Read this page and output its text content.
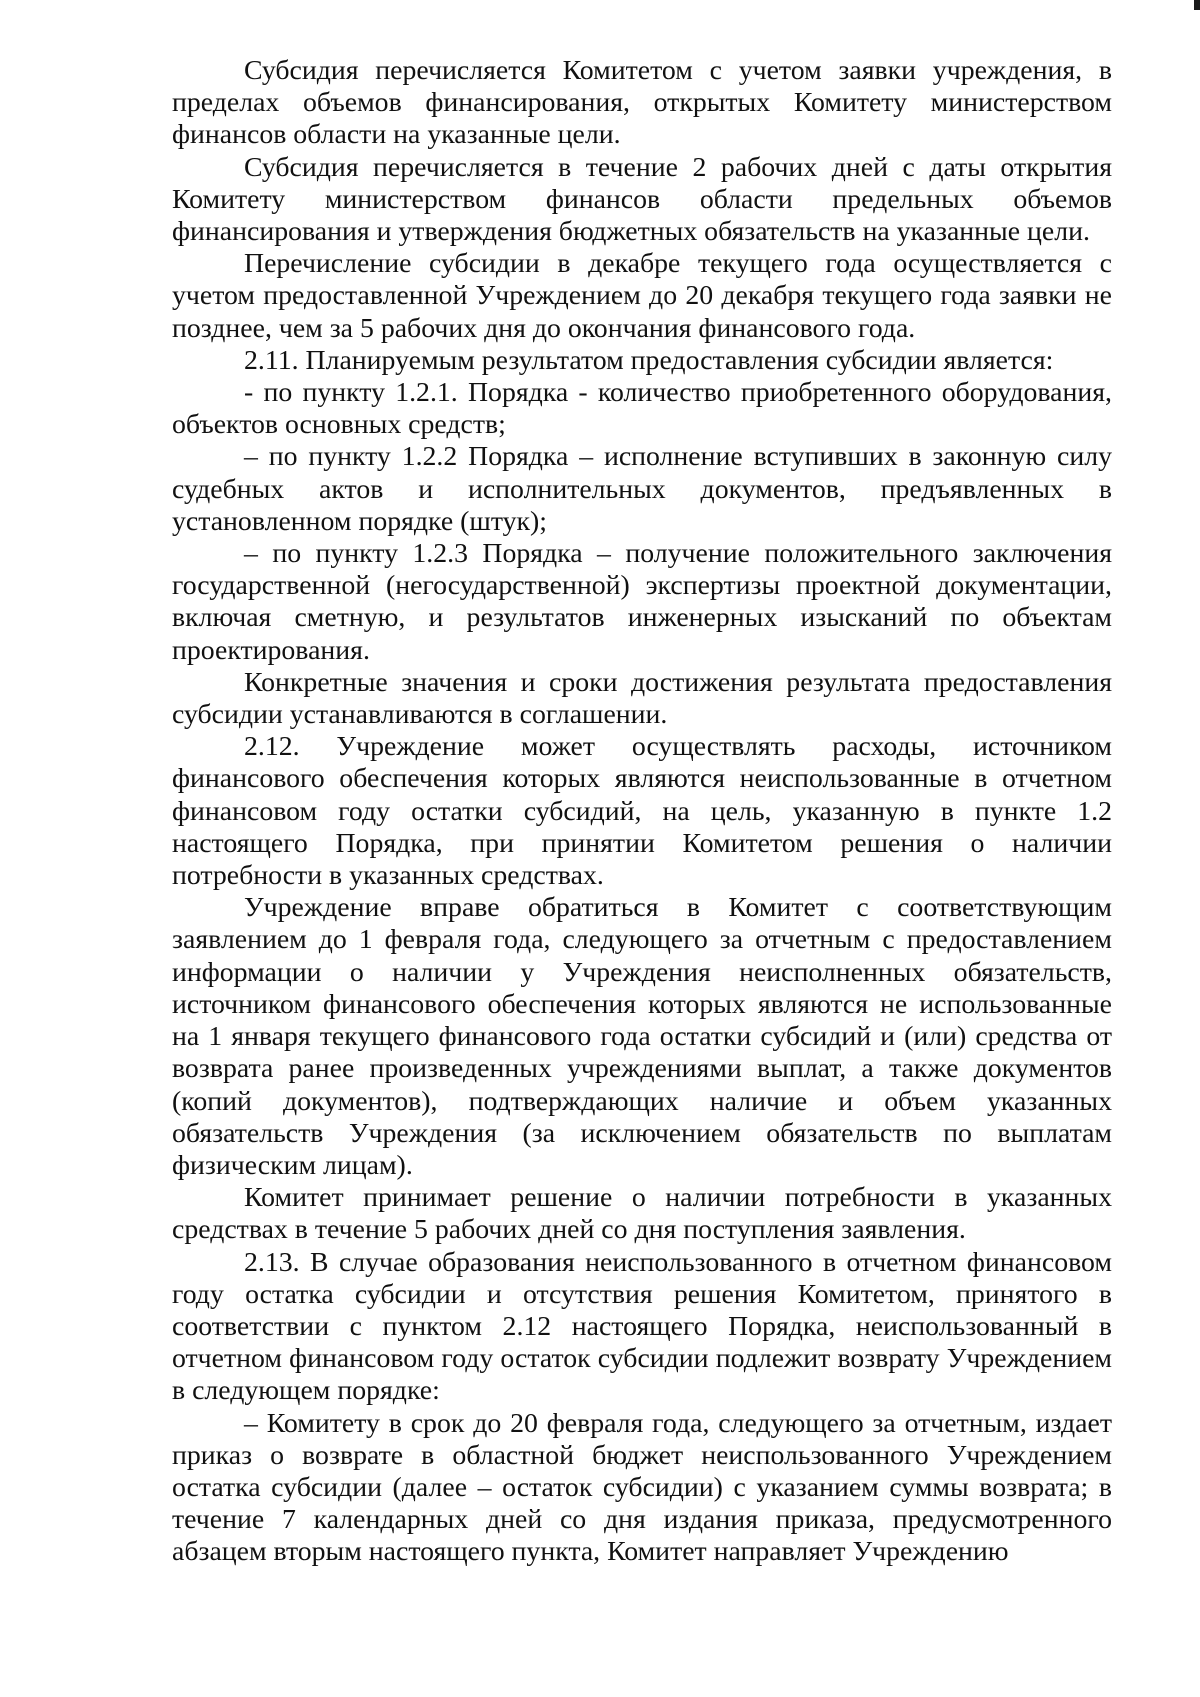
Субсидия перечисляется Комитетом с учетом заявки учреждения, в пределах объемов финансирования, открытых Комитету министерством финансов области на указанные цели.

Субсидия перечисляется в течение 2 рабочих дней с даты открытия Комитету министерством финансов области предельных объемов финансирования и утверждения бюджетных обязательств на указанные цели.

Перечисление субсидии в декабре текущего года осуществляется с учетом предоставленной Учреждением до 20 декабря текущего года заявки не позднее, чем за 5 рабочих дня до окончания финансового года.

2.11. Планируемым результатом предоставления субсидии является:

- по пункту 1.2.1. Порядка - количество приобретенного оборудования, объектов основных средств;

– по пункту 1.2.2 Порядка – исполнение вступивших в законную силу судебных актов и исполнительных документов, предъявленных в установленном порядке (штук);

– по пункту 1.2.3 Порядка – получение положительного заключения государственной (негосударственной) экспертизы проектной документации, включая сметную, и результатов инженерных изысканий по объектам проектирования.

Конкретные значения и сроки достижения результата предоставления субсидии устанавливаются в соглашении.

2.12. Учреждение может осуществлять расходы, источником финансового обеспечения которых являются неиспользованные в отчетном финансовом году остатки субсидий, на цель, указанную в пункте 1.2 настоящего Порядка, при принятии Комитетом решения о наличии потребности в указанных средствах.

Учреждение вправе обратиться в Комитет с соответствующим заявлением до 1 февраля года, следующего за отчетным с предоставлением информации о наличии у Учреждения неисполненных обязательств, источником финансового обеспечения которых являются не использованные на 1 января текущего финансового года остатки субсидий и (или) средства от возврата ранее произведенных учреждениями выплат, а также документов (копий документов), подтверждающих наличие и объем указанных обязательств Учреждения (за исключением обязательств по выплатам физическим лицам).

Комитет принимает решение о наличии потребности в указанных средствах в течение 5 рабочих дней со дня поступления заявления.

2.13. В случае образования неиспользованного в отчетном финансовом году остатка субсидии и отсутствия решения Комитетом, принятого в соответствии с пунктом 2.12 настоящего Порядка, неиспользованный в отчетном финансовом году остаток субсидии подлежит возврату Учреждением в следующем порядке:

– Комитету в срок до 20 февраля года, следующего за отчетным, издает приказ о возврате в областной бюджет неиспользованного Учреждением остатка субсидии (далее – остаток субсидии) с указанием суммы возврата; в течение 7 календарных дней со дня издания приказа, предусмотренного абзацем вторым настоящего пункта, Комитет направляет Учреждению
